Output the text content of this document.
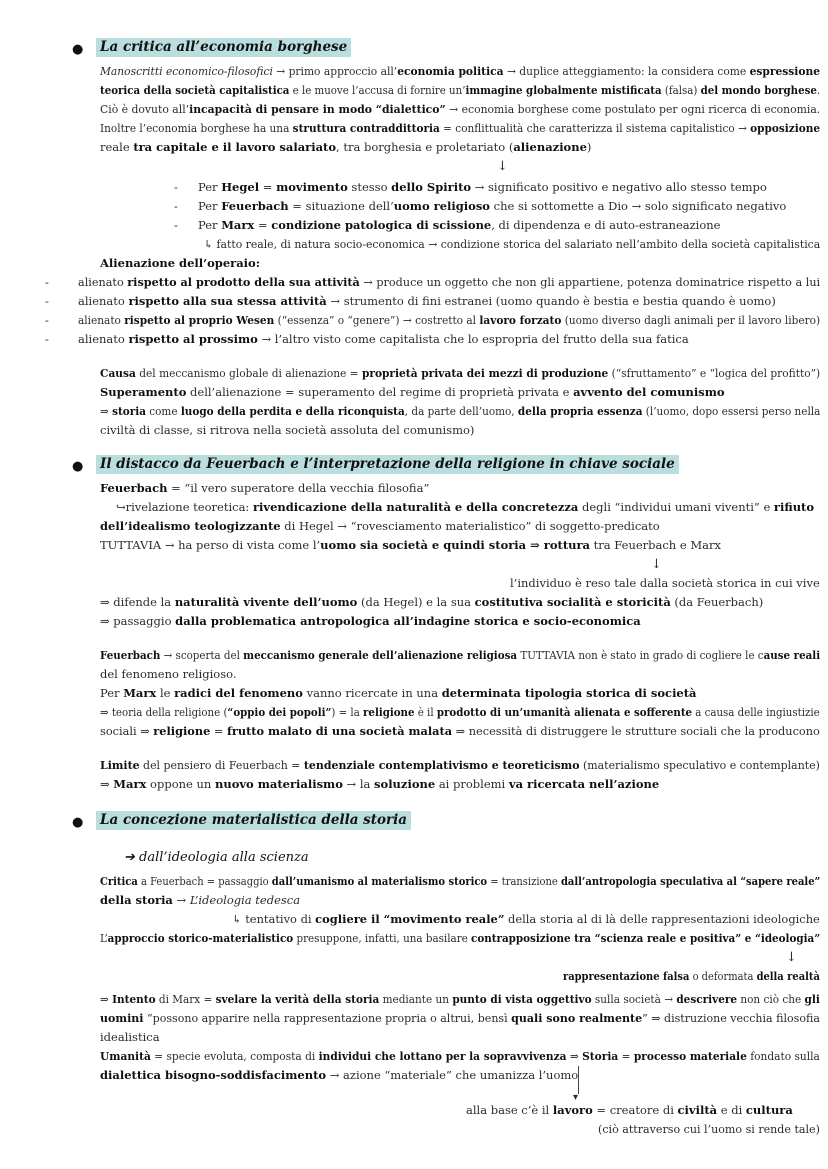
● La critica all’economia borghese
Manoscritti economico-filosofici → primo approccio all’economia politica → duplice atteggiamento: la considera come espressione
teorica della società capitalistica e le muove l’accusa di fornire un’immagine globalmente mistificata (falsa) del mondo borghese.
Ciò è dovuto all’incapacità di pensare in modo “dialettico” → economia borghese come postulato per ogni ricerca di economia.
Inoltre l’economia borghese ha una struttura contraddittoria = conflittualità che caratterizza il sistema capitalistico → opposizione
reale tra capitale e il lavoro salariato, tra borghesia e proletariato (alienazione)
↓
- Per Hegel = movimento stesso dello Spirito → significato positivo e negativo allo stesso tempo
- Per Feuerbach = situazione dell’uomo religioso che si sottomette a Dio → solo significato negativo
- Per Marx = condizione patologica di scissione, di dipendenza e di auto-estraneazione
↳ fatto reale, di natura socio-economica → condizione storica del salariato nell’ambito della società capitalistica
Alienazione dell’operaio:
-	alienato rispetto al prodotto della sua attività → produce un oggetto che non gli appartiene, potenza dominatrice rispetto a lui
-	alienato rispetto alla sua stessa attività → strumento di fini estranei (uomo quando è bestia e bestia quando è uomo)
-	alienato rispetto al proprio Wesen (“essenza” o “genere”) → costretto al lavoro forzato (uomo diverso dagli animali per il lavoro libero)
-	alienato rispetto al prossimo → l’altro visto come capitalista che lo espropria del frutto della sua fatica
Causa del meccanismo globale di alienazione = proprietà privata dei mezzi di produzione (“sfruttamento” e “logica del profitto”)
Superamento dell’alienazione = superamento del regime di proprietà privata e avvento del comunismo
⇒ storia come luogo della perdita e della riconquista, da parte dell’uomo, della propria essenza (l’uomo, dopo essersi perso nella
civiltà di classe, si ritrova nella società assoluta del comunismo)
● Il distacco da Feuerbach e l’interpretazione della religione in chiave sociale
Feuerbach = “il vero superatore della vecchia filosofia”
↪rivelazione teoretica: rivendicazione della naturalità e della concretezza degli “individui umani viventi” e rifiuto
dell’idealismo teologizzante di Hegel → “rovesciamento materialistico” di soggetto-predicato
TUTTAVIA → ha perso di vista come l’uomo sia società e quindi storia ⇒ rottura tra Feuerbach e Marx
↓
l’individuo è reso tale dalla società storica in cui vive
⇒ difende la naturalità vivente dell’uomo (da Hegel) e la sua costitutiva socialità e storicità (da Feuerbach)
⇒ passaggio dalla problematica antropologica all’indagine storica e socio-economica
Feuerbach → scoperta del meccanismo generale dell’alienazione religiosa TUTTAVIA non è stato in grado di cogliere le cause reali
del fenomeno religioso.
Per Marx le radici del fenomeno vanno ricercate in una determinata tipologia storica di società
⇒ teoria della religione (“oppio dei popoli”) = la religione è il prodotto di un’umanità alienata e sofferente a causa delle ingiustizie
sociali ⇒ religione = frutto malato di una società malata ⇒ necessità di distruggere le strutture sociali che la producono
Limite del pensiero di Feuerbach = tendenziale contemplativismo e teoreticismo (materialismo speculativo e contemplante)
⇒ Marx oppone un nuovo materialismo → la soluzione ai problemi va ricercata nell’azione
● La concezione materialistica della storia
➔ dall’ideologia alla scienza
Critica a Feuerbach = passaggio dall’umanismo al materialismo storico = transizione dall’antropologia speculativa al “sapere reale”
della storia → L’ideologia tedesca
↳ tentativo di cogliere il “movimento reale” della storia al di là delle rappresentazioni ideologiche
L’approccio storico-materialistico presuppone, infatti, una basilare contrapposizione tra “scienza reale e positiva” e “ideologia”
↓
rappresentazione falsa o deformata della realtà
⇒ Intento di Marx = svelare la verità della storia mediante un punto di vista oggettivo sulla società → descrivere non ciò che gli
uomini “possono apparire nella rappresentazione propria o altrui, bensì quali sono realmente” ⇒ distruzione vecchia filosofia
idealistica
Umanità = specie evoluta, composta di individui che lottano per la sopravvivenza ⇒ Storia = processo materiale fondato sulla
dialettica bisogno-soddisfacimento → azione “materiale” che umanizza l’uomo
▾
alla base c’è il lavoro = creatore di civiltà e di cultura
(ciò attraverso cui l’uomo si rende tale)
